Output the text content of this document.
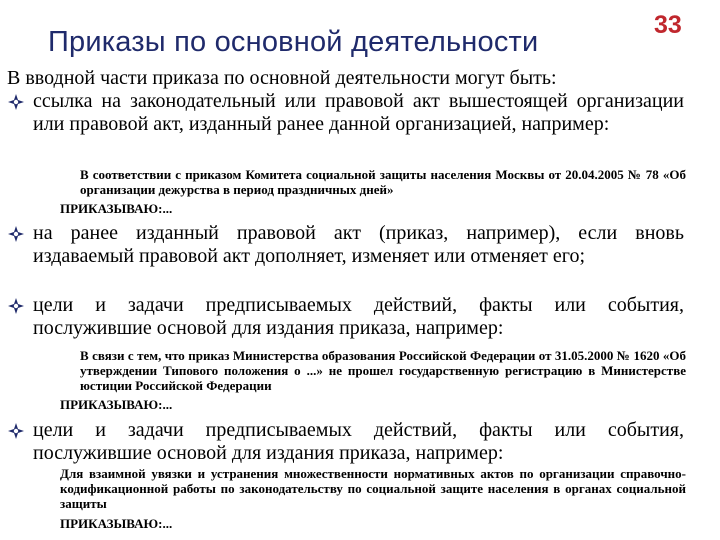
Приказы по основной деятельности
33
В вводной части приказа по основной деятельности могут быть:
ссылка на законодательный или правовой акт вышестоящей организации или правовой акт, изданный ранее данной организацией, например:
В соответствии с приказом Комитета социальной защиты населения Москвы от 20.04.2005 № 78 «Об организации дежурства в период праздничных дней»
ПРИКАЗЫВАЮ:...
на ранее изданный правовой акт (приказ, например), если вновь издаваемый правовой акт дополняет, изменяет или отменяет его;
цели и задачи предписываемых действий, факты или события, послужившие основой для издания приказа, например:
В связи с тем, что приказ Министерства образования Российской Федерации от 31.05.2000 № 1620 «Об утверждении Типового положения о ...» не прошел государственную регистрацию в Министерстве юстиции Российской Федерации
ПРИКАЗЫВАЮ:...
цели и задачи предписываемых действий, факты или события, послужившие основой для издания приказа, например:
Для взаимной увязки и устранения множественности нормативных актов по организации справочно-кодификационной работы по законодательству по социальной защите населения в органах социальной защиты
ПРИКАЗЫВАЮ:...
